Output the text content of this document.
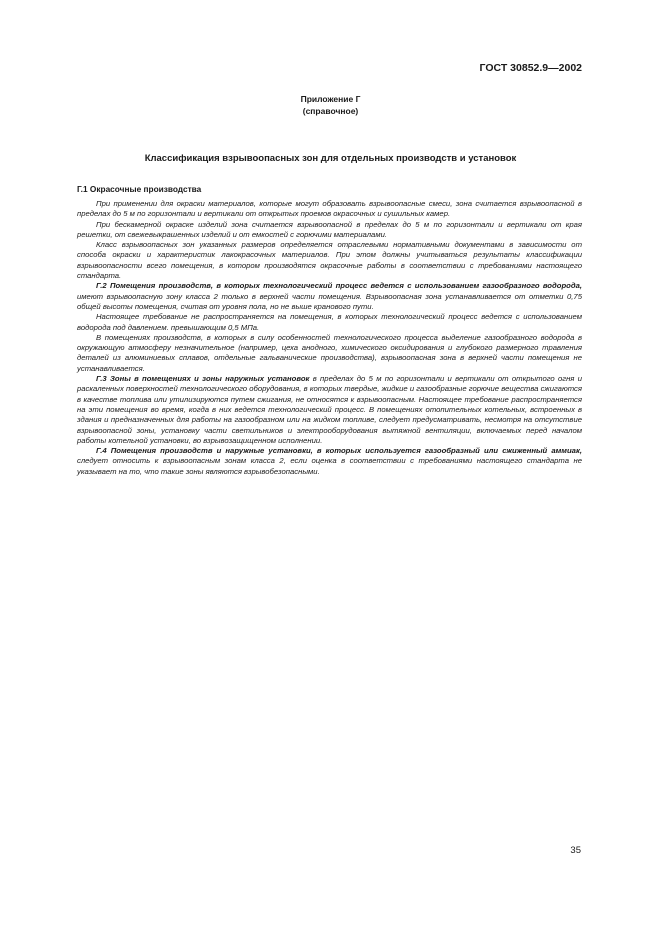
ГОСТ 30852.9—2002
Приложение Г
(справочное)
Классификация взрывоопасных зон для отдельных производств и установок
Г.1 Окрасочные производства

При применении для окраски материалов, которые могут образовать взрывоопасные смеси, зона считается взрывоопасной в пределах до 5 м по горизонтали и вертикали от открытых проемов окрасочных и сушильных камер.

При бескамерной окраске изделий зона считается взрывоопасной в пределах до 5 м по горизонтали и вертикали от края решетки, от свежевыкрашенных изделий и от емкостей с горючими материалами.

Класс взрывоопасных зон указанных размеров определяется отраслевыми нормативными документами в зависимости от способа окраски и характеристик лакокрасочных материалов. При этом должны учитываться результаты классификации взрывоопасности всего помещения, в котором производятся окрасочные работы в соответствии с требованиями настоящего стандарта.

Г.2 Помещения производств, в которых технологический процесс ведется с использованием газообразного водорода, имеют взрывоопасную зону класса 2 только в верхней части помещения. Взрывоопасная зона устанавливается от отметки 0,75 общей высоты помещения, считая от уровня пола, но не выше кранового пути.

Настоящее требование не распространяется на помещения, в которых технологический процесс ведется с использованием водорода под давлением. превышающим 0,5 МПа.

В помещениях производств, в которых в силу особенностей технологического процесса выделение газообразного водорода в окружающую атмосферу незначительное (например, цеха анодного, химического оксидирования и глубокого размерного травления деталей из алюминиевых сплавов, отдельные гальванические производства), взрывоопасная зона в верхней части помещения не устанавливается.

Г.3 Зоны в помещениях и зоны наружных установок в пределах до 5 м по горизонтали и вертикали от открытого огня и раскаленных поверхностей технологического оборудования, в которых твердые, жидкие и газообразные горючие вещества сжигаются в качестве топлива или утилизируются путем сжигания, не относятся к взрывоопасным. Настоящее требование распространяется на эти помещения во время, когда в них ведется технологический процесс. В помещениях отопительных котельных, встроенных в здания и предназначенных для работы на газообразном или на жидком топливе, следует предусматривать, несмотря на отсутствие взрывоопасной зоны, установку части светильников и электрооборудования вытяжной вентиляции, включаемых перед началом работы котельной установки, во взрывозащищенном исполнении.

Г.4 Помещения производств и наружные установки, в которых используется газообразный или сжиженный аммиак, следует относить к взрывоопасным зонам класса 2, если оценка в соответствии с требованиями настоящего стандарта не указывает на то, что такие зоны являются взрывобезопасными.

35
